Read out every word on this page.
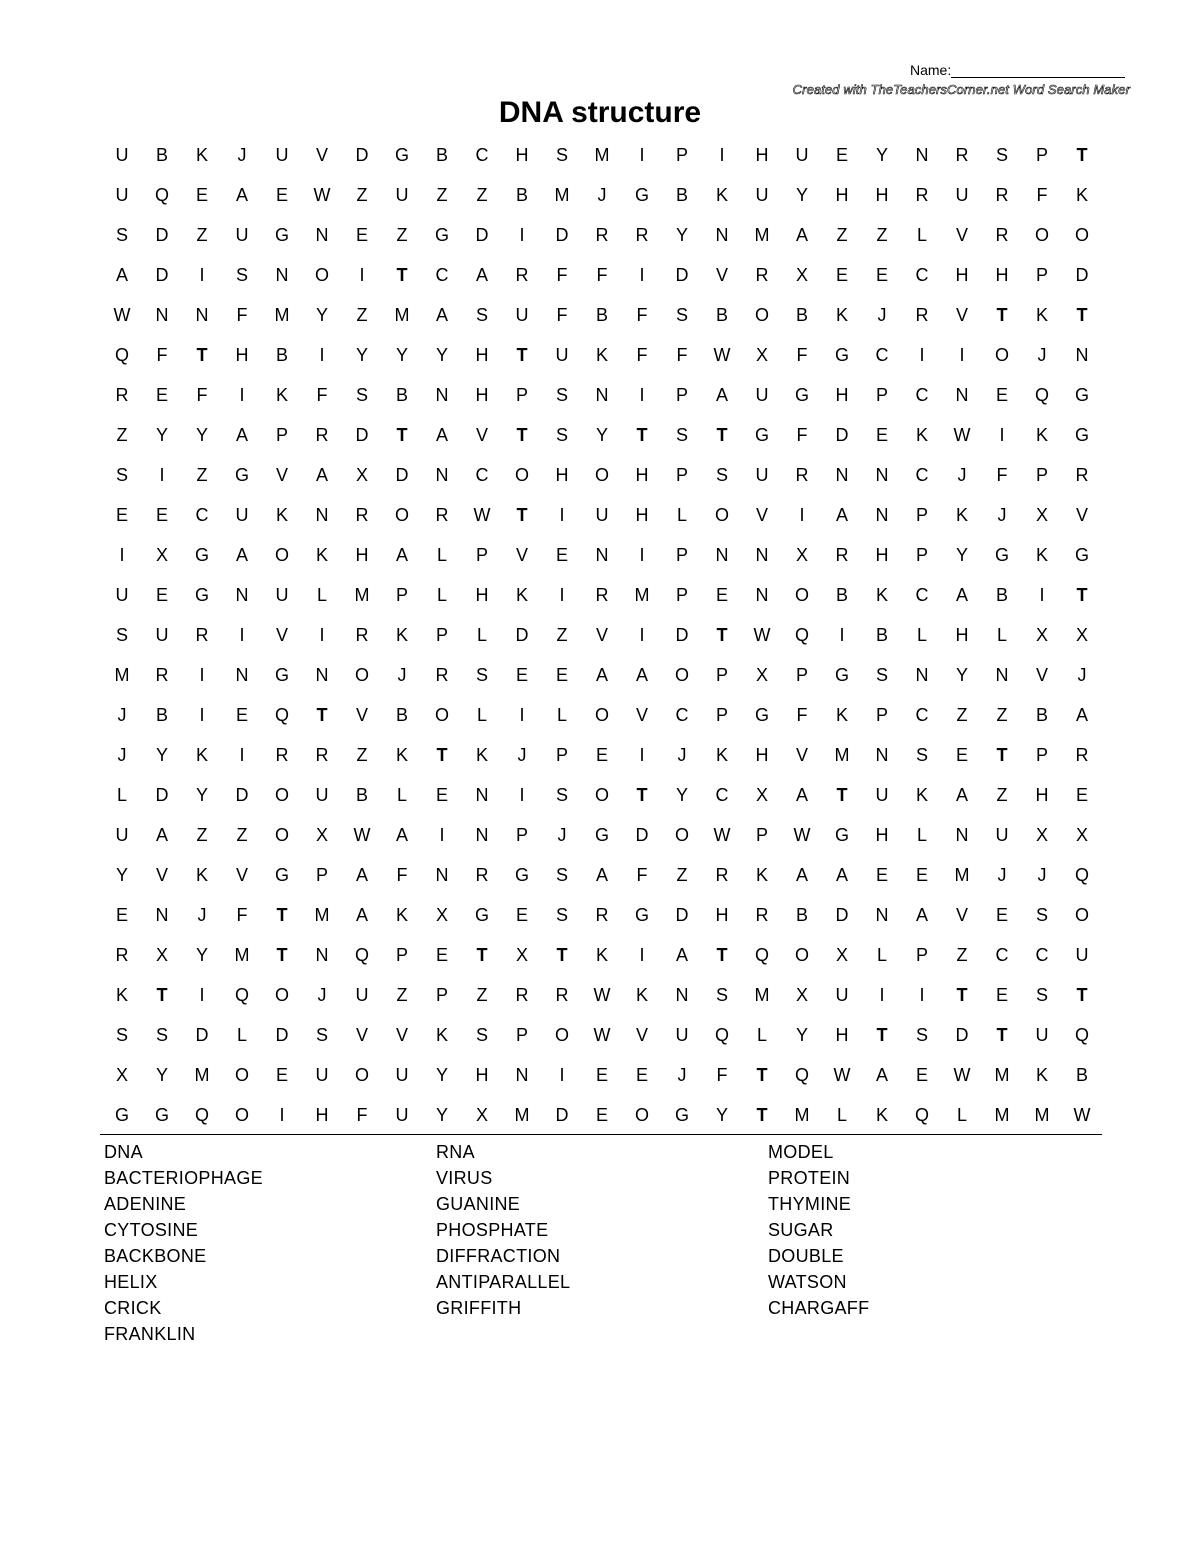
Name:
Created with TheTeachersCorner.net Word Search Maker
DNA structure
U	B	K	J	U	V	D	G	B	C	H	S	M	I	P	I	H	U	E	Y	N	R	S	P	T
U	Q	E	A	E	W	Z	U	Z	Z	B	M	J	G	B	K	U	Y	H	H	R	U	R	F	K
S	D	Z	U	G	N	E	Z	G	D	I	D	R	R	Y	N	M	A	Z	Z	L	V	R	O	O
A	D	I	S	N	O	I	T	C	A	R	F	F	I	D	V	R	X	E	E	C	H	H	P	D
W	N	N	F	M	Y	Z	M	A	S	U	F	B	F	S	B	O	B	K	J	R	V	T	K	T
Q	F	T	H	B	I	Y	Y	Y	H	T	U	K	F	F	W	X	F	G	C	I	I	O	J	N
R	E	F	I	K	F	S	B	N	H	P	S	N	I	P	A	U	G	H	P	C	N	E	Q	G
Z	Y	Y	A	P	R	D	T	A	V	T	S	Y	T	S	T	G	F	D	E	K	W	I	K	G
S	I	Z	G	V	A	X	D	N	C	O	H	O	H	P	S	U	R	N	N	C	J	F	P	R
E	E	C	U	K	N	R	O	R	W	T	I	U	H	L	O	V	I	A	N	P	K	J	X	V
I	X	G	A	O	K	H	A	L	P	V	E	N	I	P	N	N	X	R	H	P	Y	G	K	G
U	E	G	N	U	L	M	P	L	H	K	I	R	M	P	E	N	O	B	K	C	A	B	I	T
S	U	R	I	V	I	R	K	P	L	D	Z	V	I	D	T	W	Q	I	B	L	H	L	X	X
M	R	I	N	G	N	O	J	R	S	E	E	A	A	O	P	X	P	G	S	N	Y	N	V	J
J	B	I	E	Q	T	V	B	O	L	I	L	O	V	C	P	G	F	K	P	C	Z	Z	B	A
J	Y	K	I	R	R	Z	K	T	K	J	P	E	I	J	K	H	V	M	N	S	E	T	P	R
L	D	Y	D	O	U	B	L	E	N	I	S	O	T	Y	C	X	A	T	U	K	A	Z	H	E
U	A	Z	Z	O	X	W	A	I	N	P	J	G	D	O	W	P	W	G	H	L	N	U	X	X
Y	V	K	V	G	P	A	F	N	R	G	S	A	F	Z	R	K	A	A	E	E	M	J	J	Q
E	N	J	F	T	M	A	K	X	G	E	S	R	G	D	H	R	B	D	N	A	V	E	S	O
R	X	Y	M	T	N	Q	P	E	T	X	T	K	I	A	T	Q	O	X	L	P	Z	C	C	U
K	T	I	Q	O	J	U	Z	P	Z	R	R	W	K	N	S	M	X	U	I	I	T	E	S	T
S	S	D	L	D	S	V	V	K	S	P	O	W	V	U	Q	L	Y	H	T	S	D	T	U	Q
X	Y	M	O	E	U	O	U	Y	H	N	I	E	E	J	F	T	Q	W	A	E	W	M	K	B
G	G	Q	O	I	H	F	U	Y	X	M	D	E	O	G	Y	T	M	L	K	Q	L	M	M	W
DNA	RNA	MODEL
BACTERIOPHAGE	VIRUS	PROTEIN
ADENINE	GUANINE	THYMINE
CYTOSINE	PHOSPHATE	SUGAR
BACKBONE	DIFFRACTION	DOUBLE
HELIX	ANTIPARALLEL	WATSON
CRICK	GRIFFITH	CHARGAFF
FRANKLIN
